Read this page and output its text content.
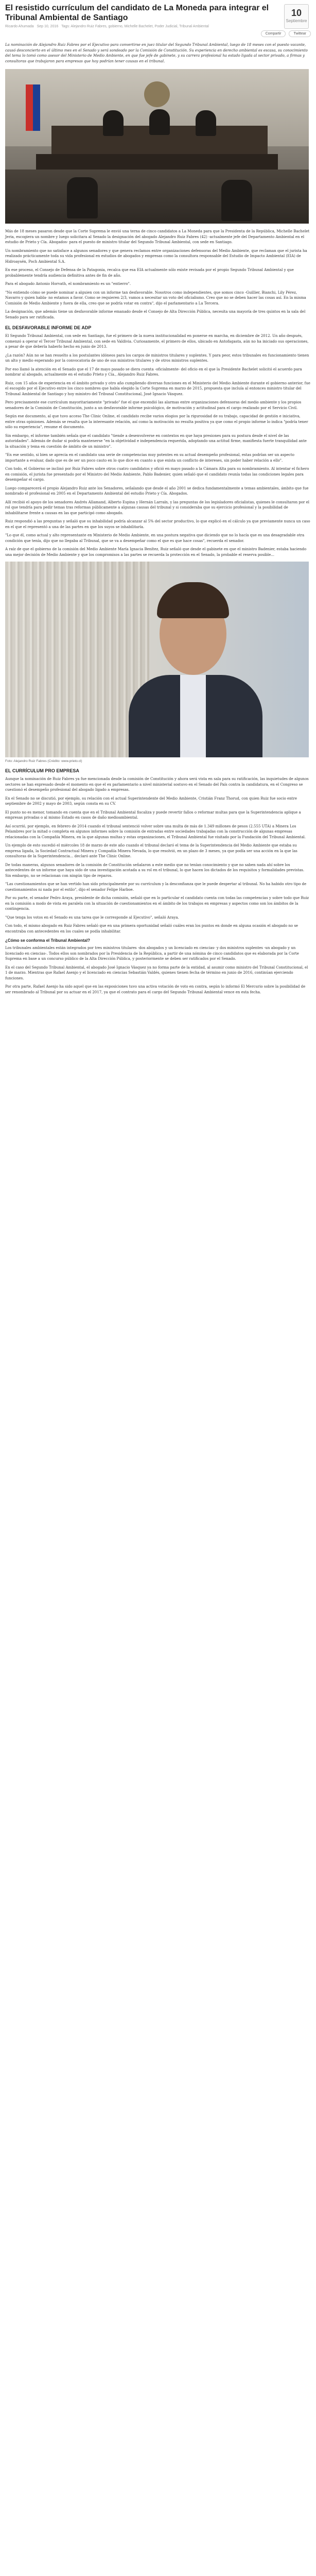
El resistido currículum del candidato de La Moneda para integrar el Tribunal Ambiental de Santiago	10
Septiembre
Ricardo Ahumada Sep 10, 2016 Tags: Alejandro Ruiz Fabres, gobierno, Michelle Bachelet, Poder Judicial, Tribunal Ambiental
Compartir	Twittear

La nominación de Alejandro Ruiz Fabres por el Ejecutivo para convertirse en juez titular del Segundo Tribunal Ambiental, luego de 18 meses con el puesto vacante, causó desconcierto en el último mes en el Senado y será sondeado por la Comisión de Constitución. Su experiencia en derecho ambiental es escasa, su conocimiento del tema lo tomó como asesor del Ministerio de Medio Ambiente, en que fue jefe de gabinete, y su carrera profesional ha estado ligada al sector privado, a firmas y consultoras que trabajaron para empresas que hoy podrían tener causas en el tribunal.

Más de 18 meses pasaron desde que la Corte Suprema le envió una terna de cinco candidatos a La Moneda para que la Presidenta de la República, Michelle Bachelet Jeria, escogiera un nombre y luego solicitara al Senado la designación del abogado Alejandro Ruiz Fabres (42) -actualmente jefe del Departamento Ambiental en el estudio de Prieto y Cía. Abogados- para el puesto de ministro titular del Segundo Tribunal Ambiental, con sede en Santiago.

Un nombramiento que no satisface a algunos senadores y que genera reclamos entre organizaciones defensoras del Medio Ambiente, que reclaman que el jurista ha realizado prácticamente toda su vida profesional en estudios de abogados y empresas como la consultora responsable del Estudio de Impacto Ambiental (EIA) de Hidroaysén, Poch Ambiental S.A.

En ese proceso, el Consejo de Defensa de la Patagonia, recalca que esa EIA actualmente sólo existe revisada por el propio Segundo Tribunal Ambiental y que probablemente tendría audiencia definitiva antes de fin de año.

Para el abogado Antonio Horvath, el nombramiento es un "entierro".

"No entiendo cómo se puede nominar a alguien con un informe tan desfavorable. Nosotros como independientes, que somos cinco -Guillier, Bianchi, Lily Pérez, Navarro y quien habla- no estamos a favor. Como se requieren 2/3, vamos a necesitar un voto del oficialismo. Creo que no se deben hacer las cosas así. En la misma Comisión de Medio Ambiente y fuera de ella, creo que se podría votar en contra", dijo el parlamentario a La Tercera.

La designación, que además tiene un desfavorable informe emanado desde el Consejo de Alta Dirección Pública, necesita una mayoría de tres quintos en la sala del Senado para ser ratificada.

EL DESFAVORABLE INFORME DE ADP

El Segundo Tribunal Ambiental, con sede en Santiago, fue el primero de la nueva institucionalidad en ponerse en marcha, en diciembre de 2012. Un año después, comenzó a operar el Tercer Tribunal Ambiental, con sede en Valdivia. Curiosamente, el primero de ellos, ubicado en Antofagasta, aún no ha iniciado sus operaciones, a pesar de que debería haberlo hecho en junio de 2013.

¿La razón? Aún no se han resuelto a los postulantes idóneos para los cargos de ministros titulares y suplentes. Y para peor, estos tribunales en funcionamiento tienen un alto y medio esperando por la convocatoria de uno de sus ministros titulares y de otros ministros suplentes.

Por eso llamó la atención en el Senado que el 17 de mayo pasado se diera cuenta -oficialmente- del oficio en el que la Presidente Bachelet solicitó el acuerdo para nombrar al abogado, actualmente en el estudio Prieto y Cía., Alejandro Ruiz Fabres.

Ruiz, con 15 años de experiencia en el ámbito privado y otro año cumpliendo diversas funciones en el Ministerio del Medio Ambiente durante el gobierno anterior, fue el escogido por el Ejecutivo entre los cinco nombres que había elegido la Corte Suprema en marzo de 2015, propuesta que incluía al entonces ministro titular del Tribunal Ambiental de Santiago y hoy ministro del Tribunal Constitucional, José Ignacio Vásquez.

Pero precisamente ese currículum mayoritariamente "privado" fue el que encendió las alarmas entre organizaciones defensoras del medio ambiente y los propios senadores de la Comisión de Constitución, junto a un desfavorable informe psicológico, de motivación y actitudinal para el cargo realizado por el Servicio Civil.

Según ese documento, al que tuvo acceso The Clinic Online, el candidato recibe varios elogios por la rigurosidad de su trabajo, capacidad de gestión e iniciativa, entre otras opiniones. Además se resalta que la interesante relación, así como la motivación no resulta positiva ya que como el propio informe lo indica "podría tener sólo su experiencia", resume el documento.

Sin embargo, el informe también señala que el candidato "tiende a desenvolverse en contextos en que haya presiones para su postura desde el nivel de las autoridades". Además de dudar si podría mantenerse "en la objetividad e independencia requerida, adoptando una actitud firme, manifiesta fuerte tranquilidad ante la situación y tema en cuestión de ámbito de un ministro".

"En ese sentido, si bien se aprecia en el candidato una serie de competencias muy potentes en su actual desempeño profesional, estas podrían ser un aspecto importante a evaluar, dado que es de ser un poco cauto en lo que dice en cuanto a que exista un conflicto de intereses, sin poder haber relación a ello".

Con todo, el Gobierno se inclinó por Ruiz Fabres sobre otros cuatro candidatos y ofició en mayo pasado a la Cámara Alta para su nombramiento. Al intentar el fichero en comisión, el jurista fue presentado por el Ministro del Medio Ambiente, Pablo Badenier, quien señaló que el candidato reunía todas las condiciones legales para desempeñar el cargo.

Luego comparecerá el propio Alejandro Ruiz ante los Senadores, señalando que desde el año 2001 se dedica fundamentalmente a temas ambientales, ámbito que fue nombrado el profesional en 2005 en el Departamento Ambiental del estudio Prieto y Cía. Abogados.

Allí recibió el apoyo de los senadores Andrés Allamand, Alberto Espina y Hernán Larraín, y las preguntas de los legisladores oficialistas, quienes le consultaron por el rol que tendría para pedir temas tras reformas públicamente a algunas causas del tribunal y si consideraba que su ejercicio profesional y la posibilidad de inhabilitarse frente a causas en las que participó como abogado.

Ruiz respondió a las preguntas y señaló que su inhabilidad podría alcanzar al 5% del sector productivo, lo que explicó en el cálculo ya que previamente nunca un caso en el que el representó a una de las partes en que los suyos se inhabilitaría.

"Lo que él, como actual y alto representante en Ministerio de Medio Ambiente, en una postura negativa que diciendo que no lo hacía que es una desagradable otra condición que tenía, dijo que no llegaba al Tribunal, que se va a desempeñar como el que es que hace cosas", recuerda el senador.

A raíz de que el gobierno de la comisión del Medio Ambiente María Ignacia Benítez, Ruiz señaló que desde el gabinete en que el ministro Badenier, estaba haciendo una mejor decisión de Medio Ambiente y que los compromisos a las partes se recuerda la protección en el Senado, la probable el reserva posible...

Foto: Alejandro Ruiz Fabres (Crédito: www.prieto.cl)
EL CURRÍCULUM PRO EMPRESA

Aunque la nominación de Ruiz Fabres ya fue mencionada desde la comisión de Constitución y ahora será vista en sala para su ratificación, las inquietudes de algunos sectores se han expresado desde el momento en que el ex parlamentario a nivel ministerial sostuvo en el Senado del País contra la candidatura, en el Congreso se cuestionó el desempeño profesional del abogado ligado a empresas.

En el Senado no se discutió, por ejemplo, su relación con el actual Superintendente del Medio Ambiente, Cristián Franz Thorud, con quien Ruiz fue socio entre septiembre de 2002 y mayo de 2003, según consta en su CV.

El punto no es menor, tomando en cuenta que en el Tribunal Ambiental fiscaliza y puede revertir fallos o reformar multas para que la Superintendencia aplique a empresas privadas o al mismo Estado en casos de daño medioambiental.

Así ocurrió, por ejemplo, en febrero de 2014 cuando el tribunal sentenció volver sobre una multa de más de 1.349 millones de pesos (2.555 UTA) a Minera Los Pelambres por la mitad o completa en algunos informes sobre la comisión de entradas entre sociedades trabajadas con la construcción de algunas empresas relacionadas con la Compañía Minera, en la que algunas multas y estas organizaciones, el Tribunal Ambiental fue visitado por la Fundación del Tribunal Ambiental.

Un ejemplo de esto sucedió el miércoles 18 de marzo de este año cuando el tribunal declaró el tema de la Superintendencia del Medio Ambiente que estaba su empresa ligada, la Sociedad Contractual Minera y Compañía Minera Nevada, lo que resolvió, en un plazo de 3 meses, ya que podía ser una acción en la que las consultoras de la Superintendencia... declaró ante The Clinic Online.

De todas maneras, algunos senadores de la comisión de Constitución señalaron a este medio que no tenían conocimiento y que no saben nada ahí sobre los antecedentes de un informe que haya sido de una investigación acotada a su rol en el tribunal, lo que hacen los dictados de los requisitos y formalidades previstas. Sin embargo, no se relacionan con ningún tipo de reparos.

"Las cuestionamientos que se han vertido han sido principalmente por su currículum y la desconfianza que le puede despertar al tribunal. No ha habido otro tipo de cuestionamientos ni nada por el estilo", dijo el senador Felipe Harboe.

Por su parte, el senador Pedro Araya, presidente de dicha comisión, señaló que en lo particular el candidato cuenta con todas las competencias y sobre todo que Ruiz en la comisión a modo de vista en paralela con la situación de cuestionamientos en el ámbito de los trabajos en empresas y aspectos como son los ámbitos de la contingencia.

"Que tenga los votos en el Senado es una tarea que le corresponde al Ejecutivo", señaló Araya.

Con todo, el mismo abogado en Ruiz Fabres señaló que en una primera oportunidad señaló cuáles eran los puntos en donde en alguna ocasión el abogado no se encontraba con antecedentes en los cuales se podía inhabilitar.

¿Cómo se conforma el Tribunal Ambiental?

Los tribunales ambientales están integrados por tres ministros titulares -dos abogados y un licenciado en ciencias- y dos ministros suplentes -un abogado y un licenciado en ciencias-. Todos ellos son nombrados por la Presidencia de la República, a partir de una nómina de cinco candidatos que es elaborada por la Corte Suprema en base a un concurso público de la Alta Dirección Pública, y posteriormente se deben ser ratificados por el Senado.

En el caso del Segundo Tribunal Ambiental, el abogado José Ignacio Vásquez ya no forma parte de la entidad, al asumir como ministro del Tribunal Constitucional, el 1 de marzo. Mientras que Rafael Asenjo y el licenciado en ciencias Sebastián Valdés, quienes tienen fecha de término en junio de 2016, continúan ejerciendo funciones.

Por otra parte, Rafael Asenjo ha sido aquel que en las exposiciones tuvo una activa votación de voto en contra, según lo informó El Mercurio sobre la posibilidad de ser renombrado al Tribunal por su actuar en el 2017, ya que el contrato para el cargo del Segundo Tribunal Ambiental vence en esta fecha.
